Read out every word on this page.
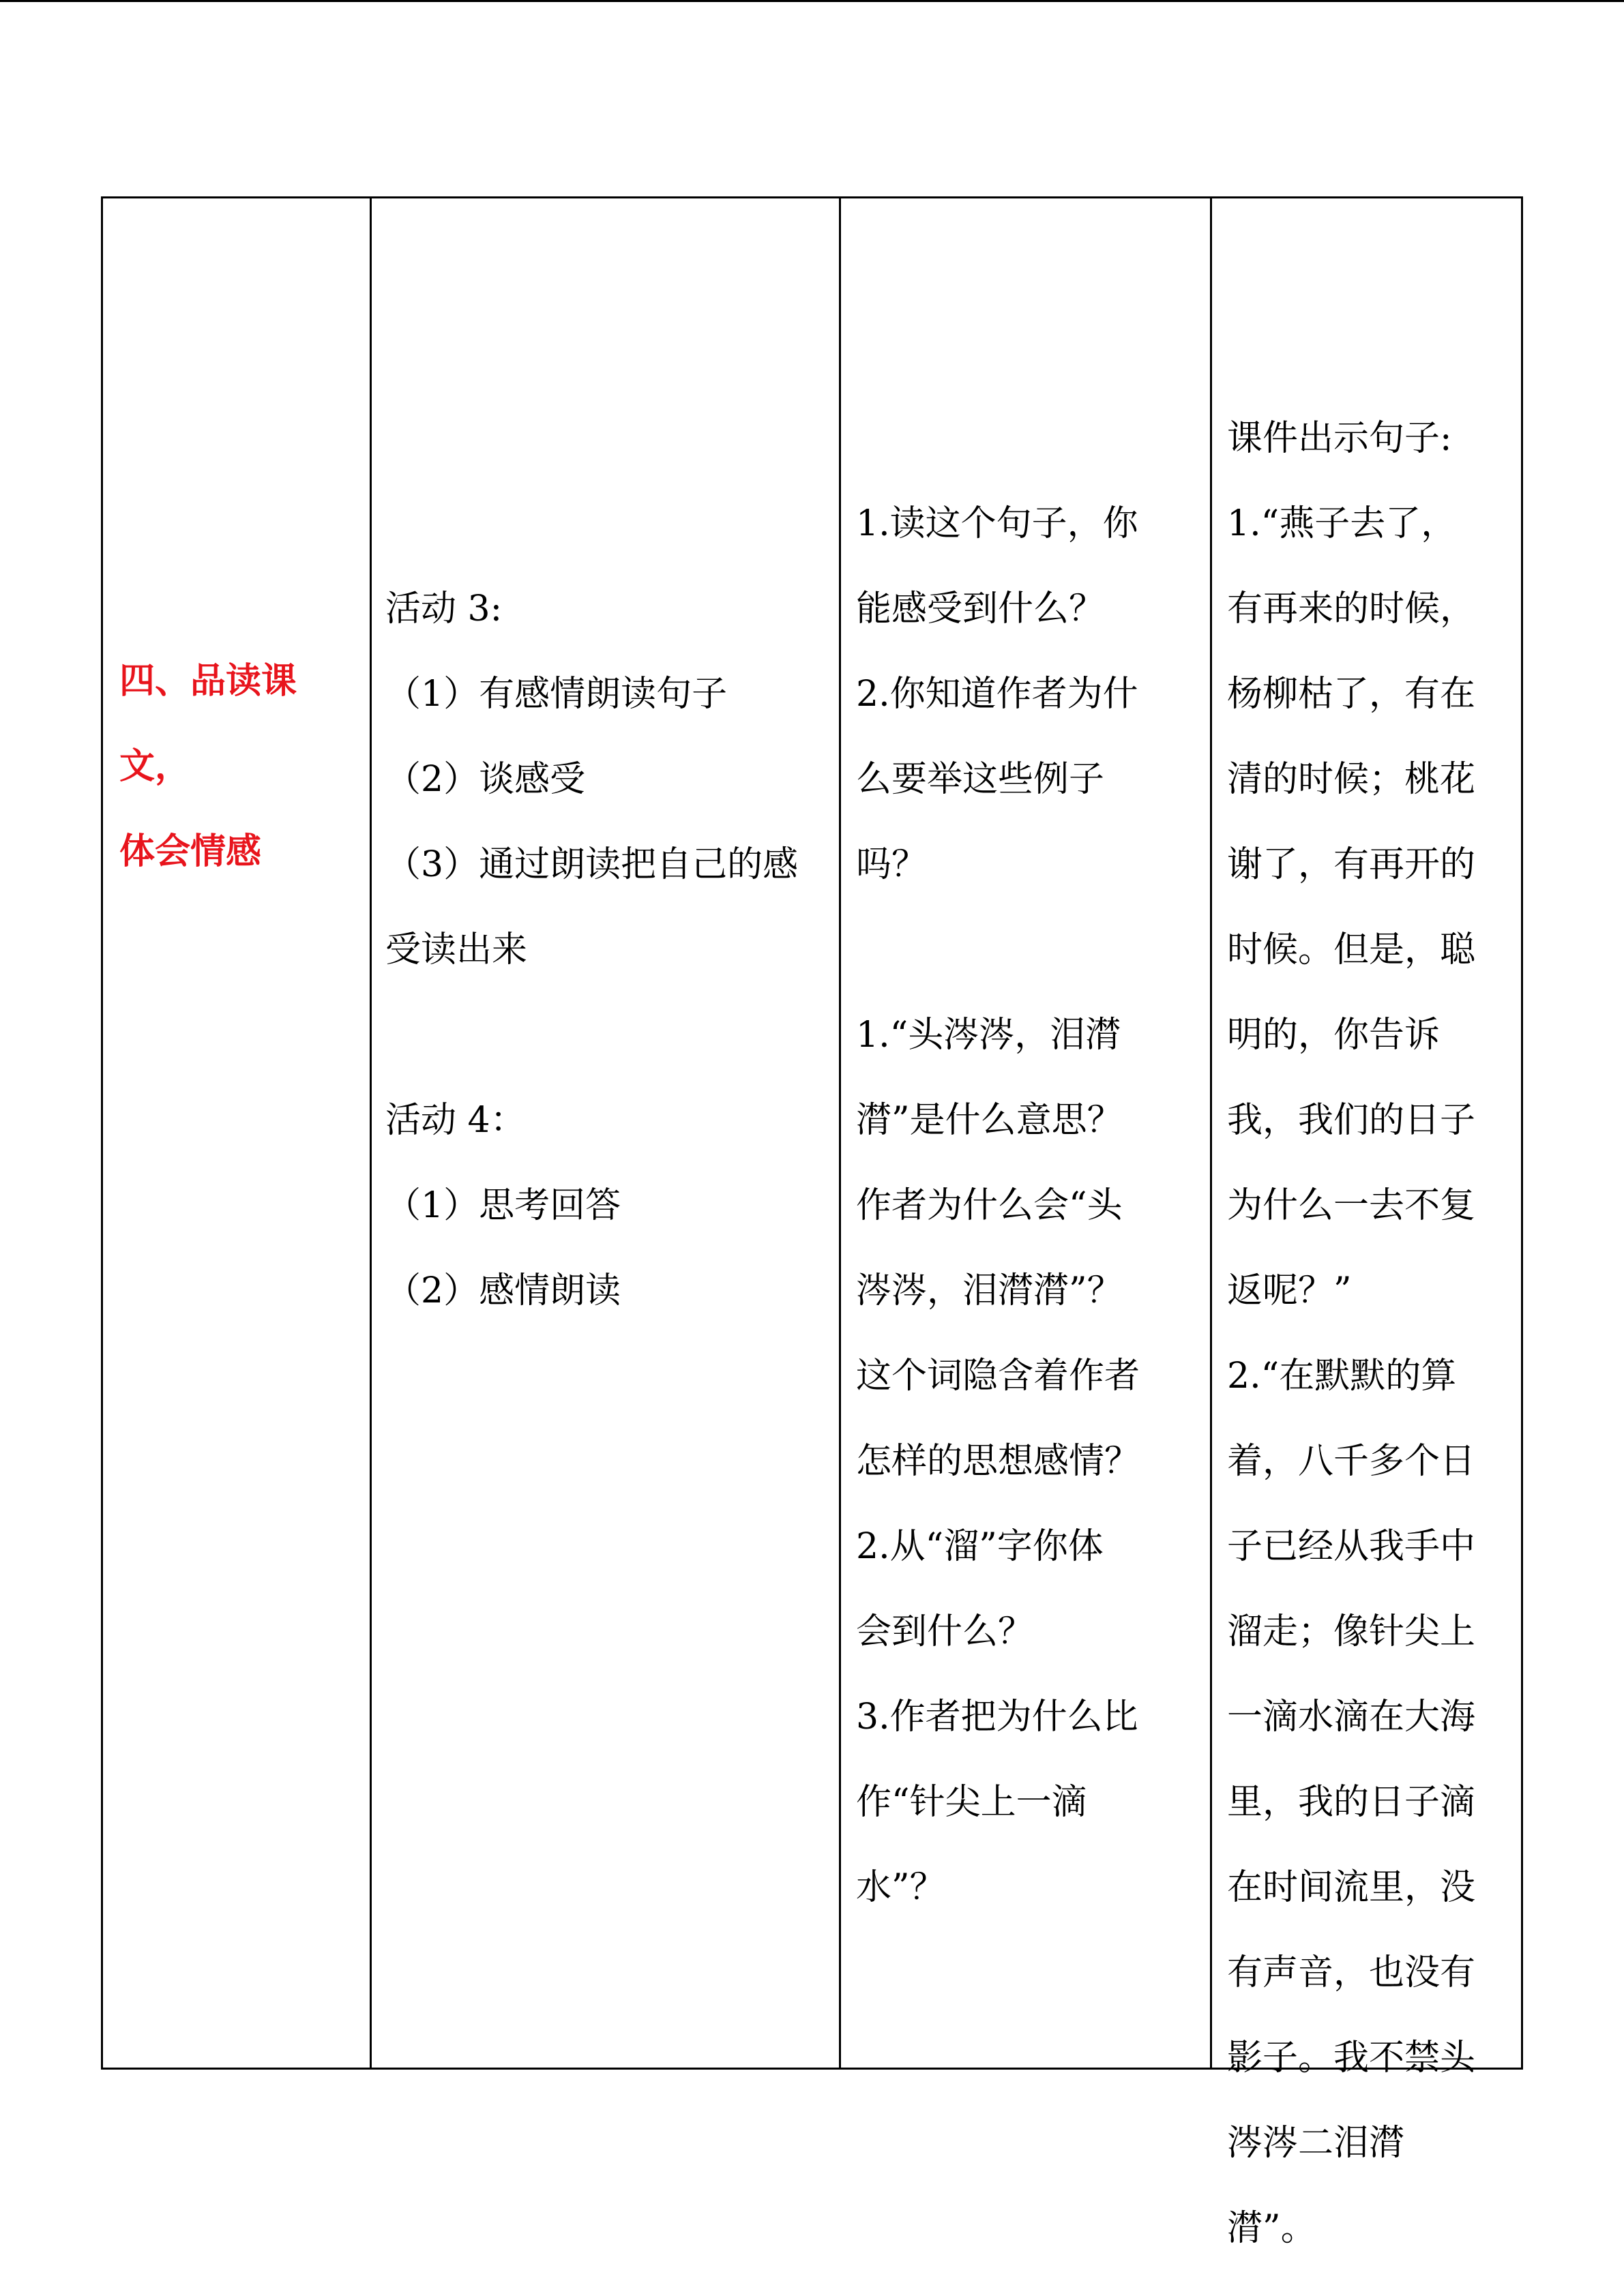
四、品读课
文，
体会情感
活动 3:
（1）有感情朗读句子
（2）谈感受
（3）通过朗读把自己的感
受读出来
活动 4：
（1）思考回答
（2）感情朗读
1.读这个句子，你
能感受到什么？
2.你知道作者为什
么要举这些例子
吗？
1.“头涔涔，泪潸
潸”是什么意思？
作者为什么会“头
涔涔，泪潸潸”？
这个词隐含着作者
怎样的思想感情？
2.从“溜”字你体
会到什么？
3.作者把为什么比
作“针尖上一滴
水”？
课件出示句子:
1.“燕子去了，
有再来的时候，
杨柳枯了，有在
清的时候；桃花
谢了，有再开的
时候。但是，聪
明的，你告诉
我，我们的日子
为什么一去不复
返呢？”
2.“在默默的算
着，八千多个日
子已经从我手中
溜走；像针尖上
一滴水滴在大海
里，我的日子滴
在时间流里，没
有声音，也没有
影子。我不禁头
涔涔二泪潸
潸”。
